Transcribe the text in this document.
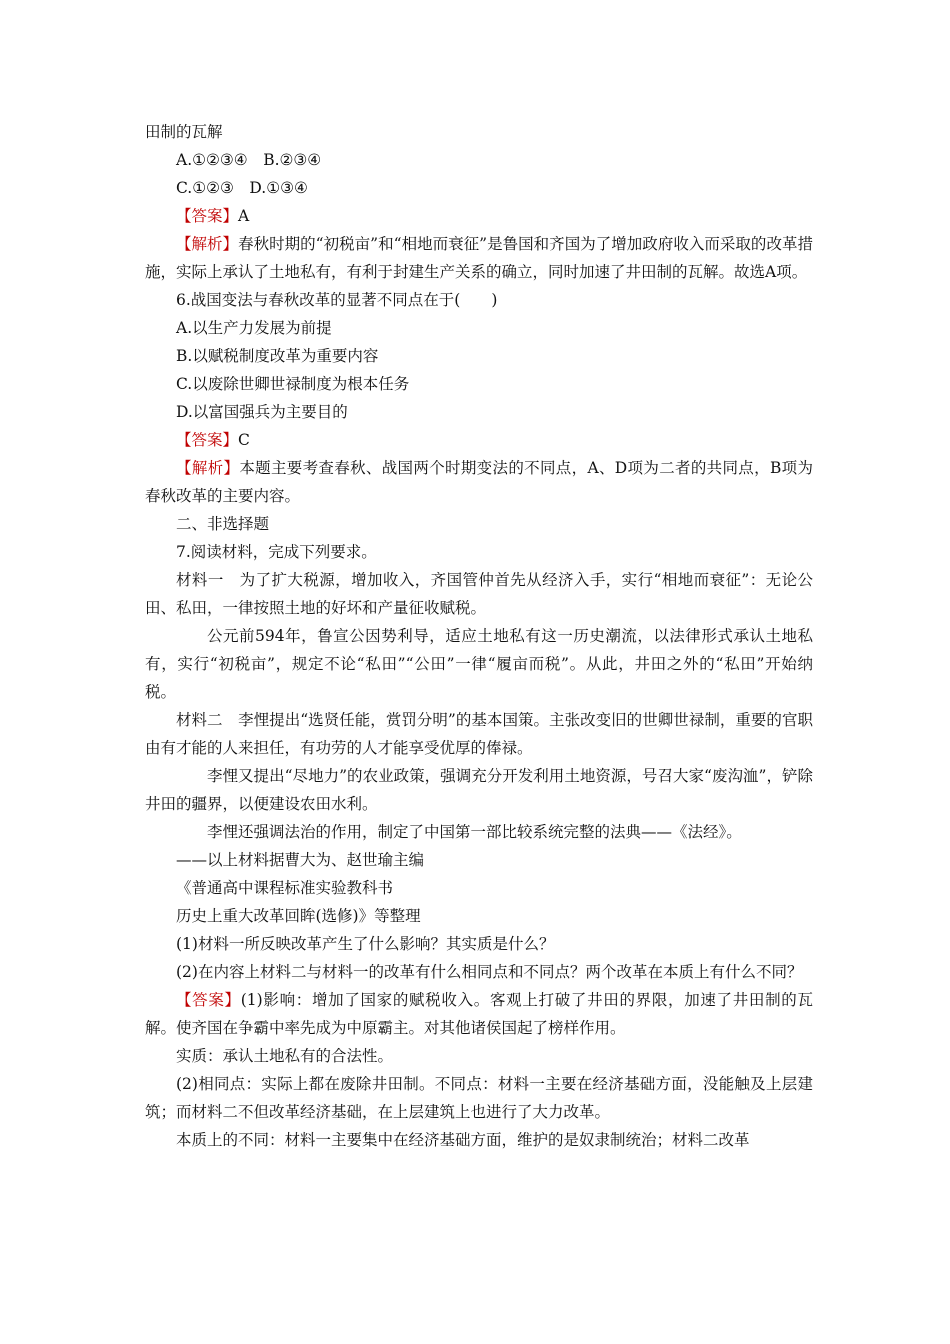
田制的瓦解

A.①②③④　B.②③④

C.①②③　D.①③④

【答案】A

【解析】春秋时期的“初税亩”和“相地而衰征”是鲁国和齐国为了增加政府收入而采取的改革措施，实际上承认了土地私有，有利于封建生产关系的确立，同时加速了井田制的瓦解。故选A项。

6.战国变法与春秋改革的显著不同点在于(　　)

A.以生产力发展为前提

B.以赋税制度改革为重要内容

C.以废除世卿世禄制度为根本任务

D.以富国强兵为主要目的

【答案】C

【解析】本题主要考查春秋、战国两个时期变法的不同点，A、D项为二者的共同点，B项为春秋改革的主要内容。

二、非选择题

7.阅读材料，完成下列要求。

材料一　为了扩大税源，增加收入，齐国管仲首先从经济入手，实行“相地而衰征”：无论公田、私田，一律按照土地的好坏和产量征收赋税。

公元前594年，鲁宣公因势利导，适应土地私有这一历史潮流，以法律形式承认土地私有，实行“初税亩”，规定不论“私田”“公田”一律“履亩而税”。从此，井田之外的“私田”开始纳税。

材料二　李悝提出“选贤任能，赏罚分明”的基本国策。主张改变旧的世卿世禄制，重要的官职由有才能的人来担任，有功劳的人才能享受优厚的俸禄。

李悝又提出“尽地力”的农业政策，强调充分开发利用土地资源，号召大家“废沟洫”，铲除井田的疆界，以便建设农田水利。

李悝还强调法治的作用，制定了中国第一部比较系统完整的法典——《法经》。

——以上材料据曹大为、赵世瑜主编

《普通高中课程标准实验教科书

历史上重大改革回眸(选修)》等整理

(1)材料一所反映改革产生了什么影响？其实质是什么？

(2)在内容上材料二与材料一的改革有什么相同点和不同点？两个改革在本质上有什么不同？

【答案】(1)影响：增加了国家的赋税收入。客观上打破了井田的界限，加速了井田制的瓦解。使齐国在争霸中率先成为中原霸主。对其他诸侯国起了榜样作用。

实质：承认土地私有的合法性。

(2)相同点：实际上都在废除井田制。不同点：材料一主要在经济基础方面，没能触及上层建筑；而材料二不但改革经济基础，在上层建筑上也进行了大力改革。

本质上的不同：材料一主要集中在经济基础方面，维护的是奴隶制统治；材料二改革
